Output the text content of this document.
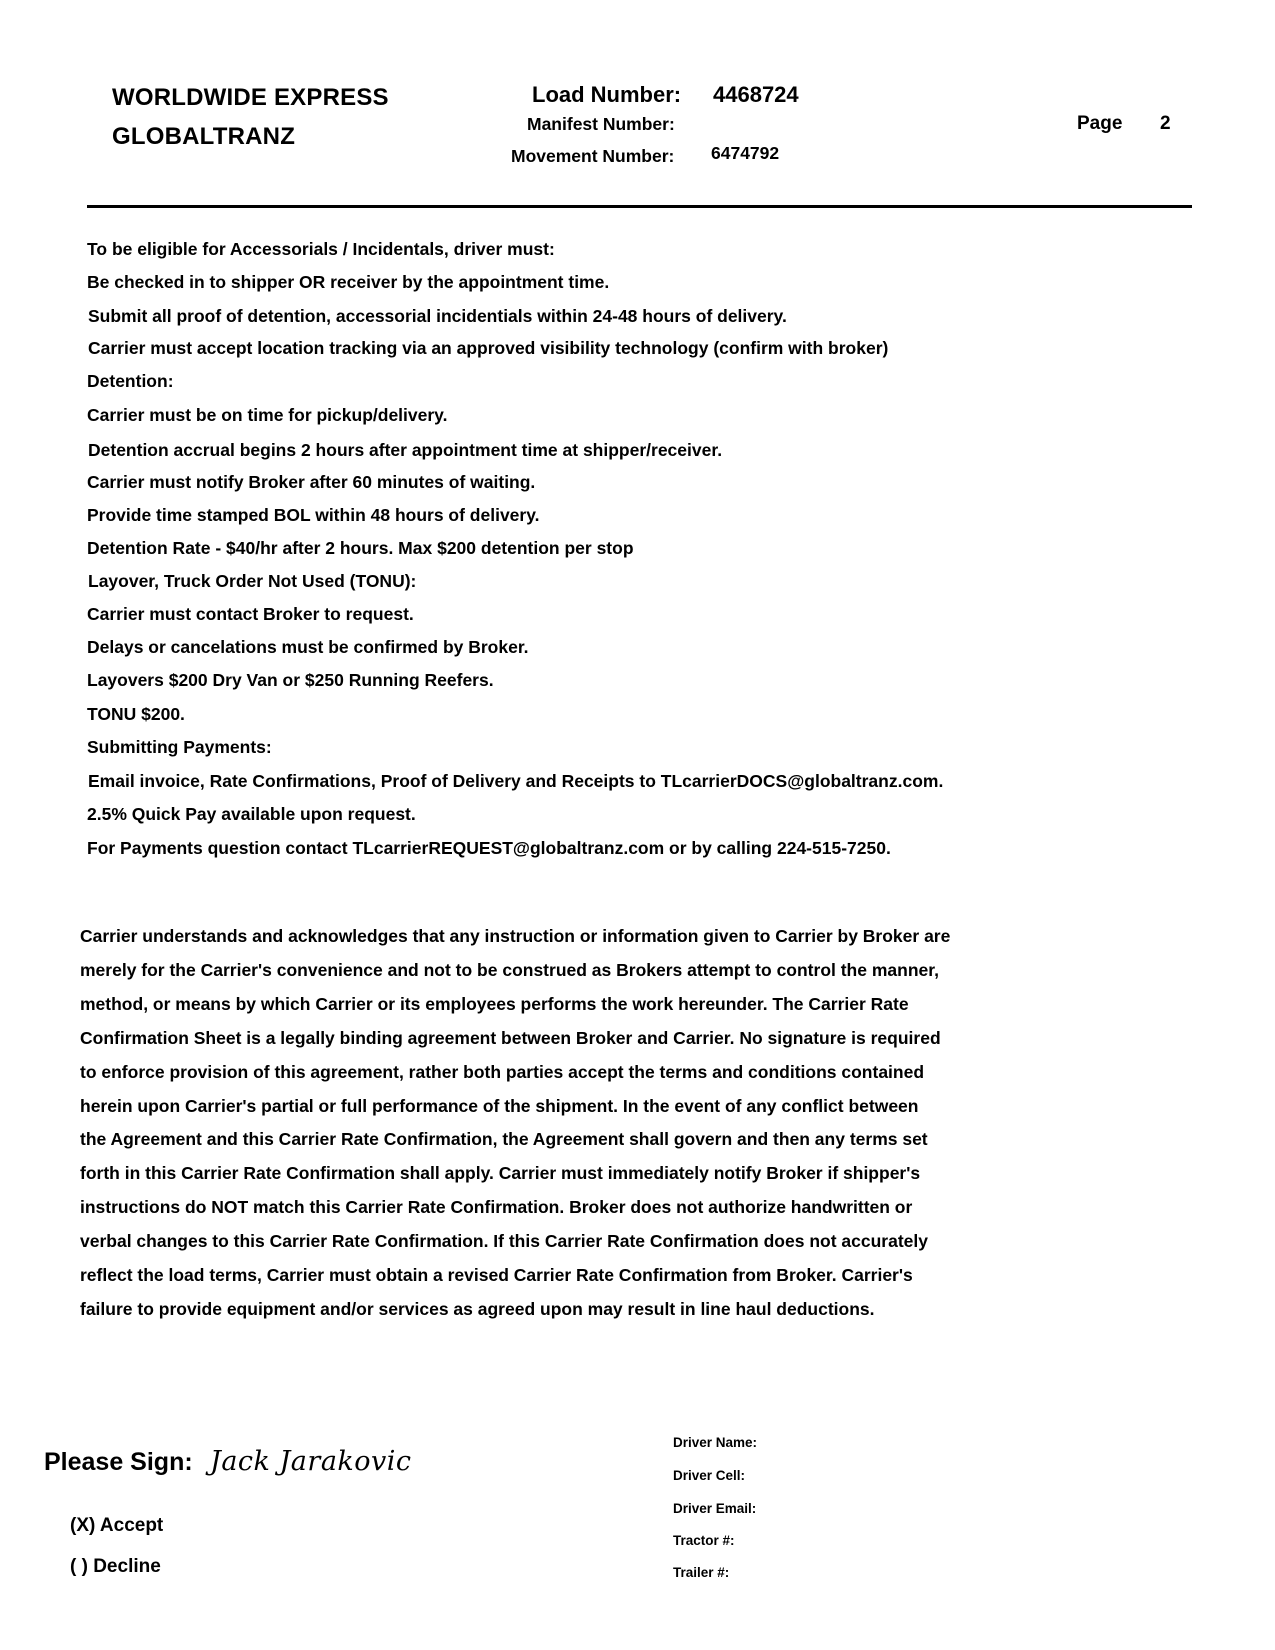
WORLDWIDE EXPRESS
GLOBALTRANZ
Load Number: 4468724
Manifest Number:
Movement Number: 6474792
Page 2
To be eligible for Accessorials / Incidentals, driver must:
Be checked in to shipper OR receiver by the appointment time.
Submit all proof of detention, accessorial incidentials within 24-48 hours of delivery.
Carrier must accept location tracking via an approved visibility technology (confirm with broker)
Detention:
Carrier must be on time for pickup/delivery.
Detention accrual begins 2 hours after appointment time at shipper/receiver.
Carrier must notify Broker after 60 minutes of waiting.
Provide time stamped BOL within 48 hours of delivery.
Detention Rate - $40/hr after 2 hours. Max $200 detention per stop
Layover, Truck Order Not Used (TONU):
Carrier must contact Broker to request.
Delays or cancelations must be confirmed by Broker.
Layovers $200 Dry Van or $250 Running Reefers.
TONU $200.
Submitting Payments:
Email invoice, Rate Confirmations, Proof of Delivery and Receipts to TLcarrierDOCS@globaltranz.com.
2.5% Quick Pay available upon request.
For Payments question contact TLcarrierREQUEST@globaltranz.com or by calling 224-515-7250.
Carrier understands and acknowledges that any instruction or information given to Carrier by Broker are
merely for the Carrier's convenience and not to be construed as Brokers attempt to control the manner,
method, or means by which Carrier or its employees performs the work hereunder. The Carrier Rate
Confirmation Sheet is a legally binding agreement between Broker and Carrier. No signature is required
to enforce provision of this agreement, rather both parties accept the terms and conditions contained
herein upon Carrier's partial or full performance of the shipment. In the event of any conflict between
the Agreement and this Carrier Rate Confirmation, the Agreement shall govern and then any terms set
forth in this Carrier Rate Confirmation shall apply. Carrier must immediately notify Broker if shipper's
instructions do NOT match this Carrier Rate Confirmation. Broker does not authorize handwritten or
verbal changes to this Carrier Rate Confirmation. If this Carrier Rate Confirmation does not accurately
reflect the load terms, Carrier must obtain a revised Carrier Rate Confirmation from Broker. Carrier's
failure to provide equipment and/or services as agreed upon may result in line haul deductions.
Please Sign: Jack Jarakovic
(X) Accept
( ) Decline
Driver Name:
Driver Cell:
Driver Email:
Tractor #:
Trailer #:
